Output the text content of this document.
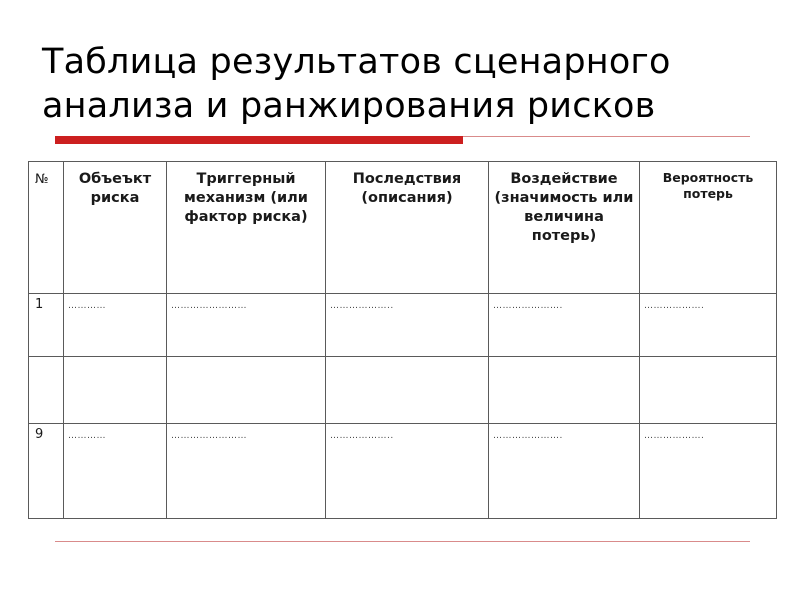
Таблица результатов сценарного
анализа и ранжирования рисков
№	Объеъкт риска	Триггерный механизм (или фактор риска)	Последствия (описания)	Воздействие (значимость или величина потерь)	Вероятность потерь
1	…………	……………………	………………..	………………….	……………….

9	…………	……………………	………………..	………………….	……………….
